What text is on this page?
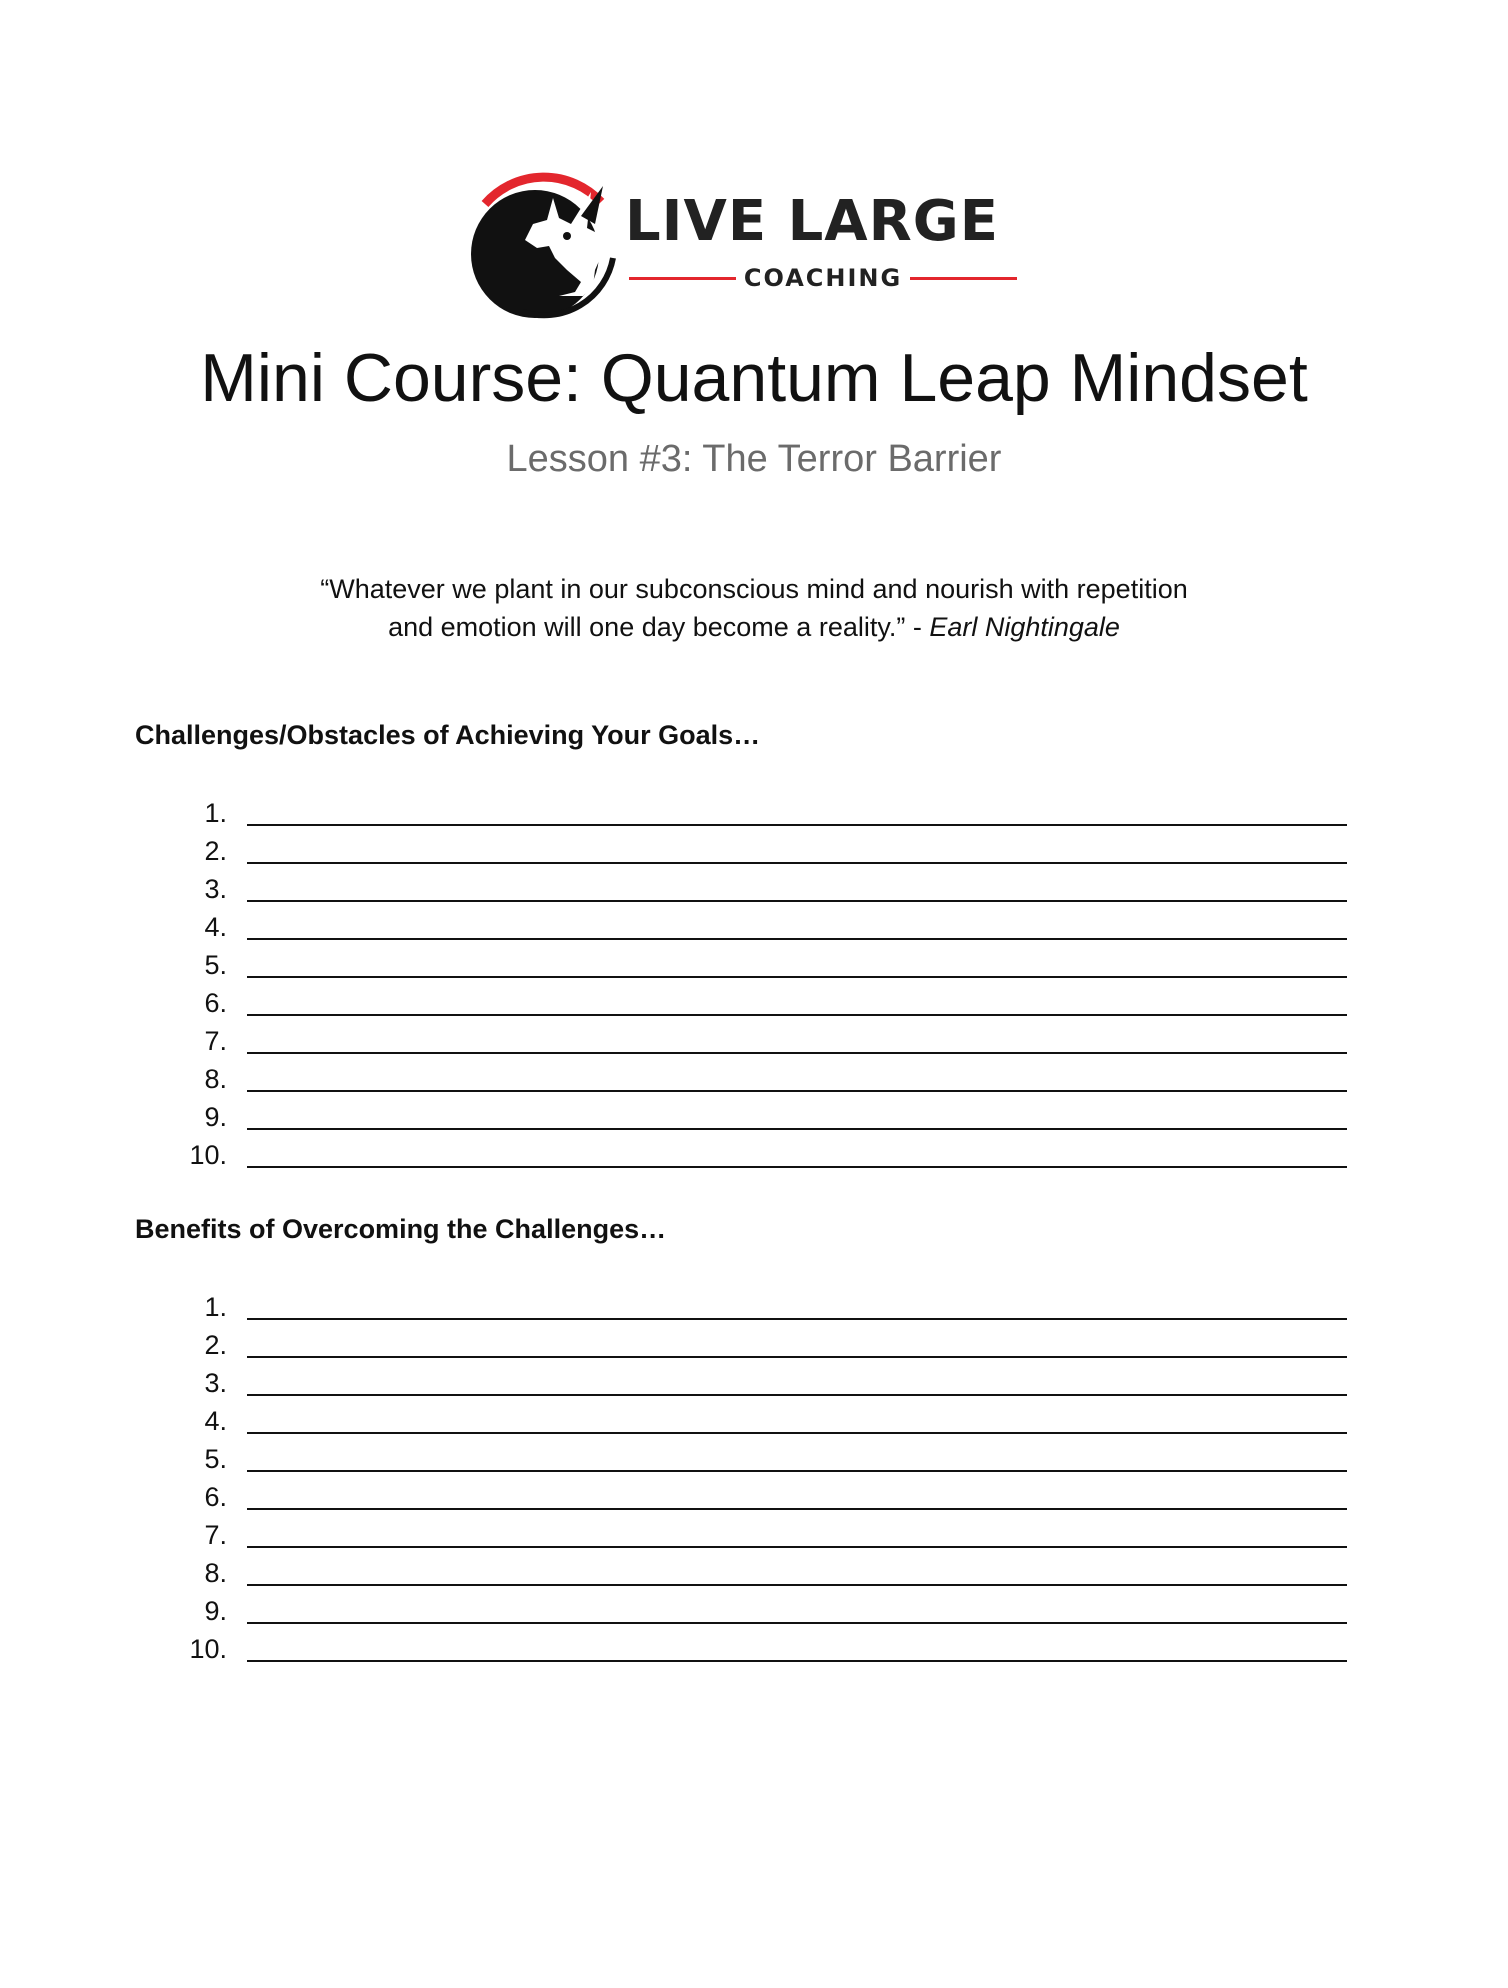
LIVE LARGE
COACHING
Mini Course: Quantum Leap Mindset
Lesson #3: The Terror Barrier
“Whatever we plant in our subconscious mind and nourish with repetition
and emotion will one day become a reality.” - Earl Nightingale
Challenges/Obstacles of Achieving Your Goals…
1.
2.
3.
4.
5.
6.
7.
8.
9.
10.
Benefits of Overcoming the Challenges…
1.
2.
3.
4.
5.
6.
7.
8.
9.
10.
